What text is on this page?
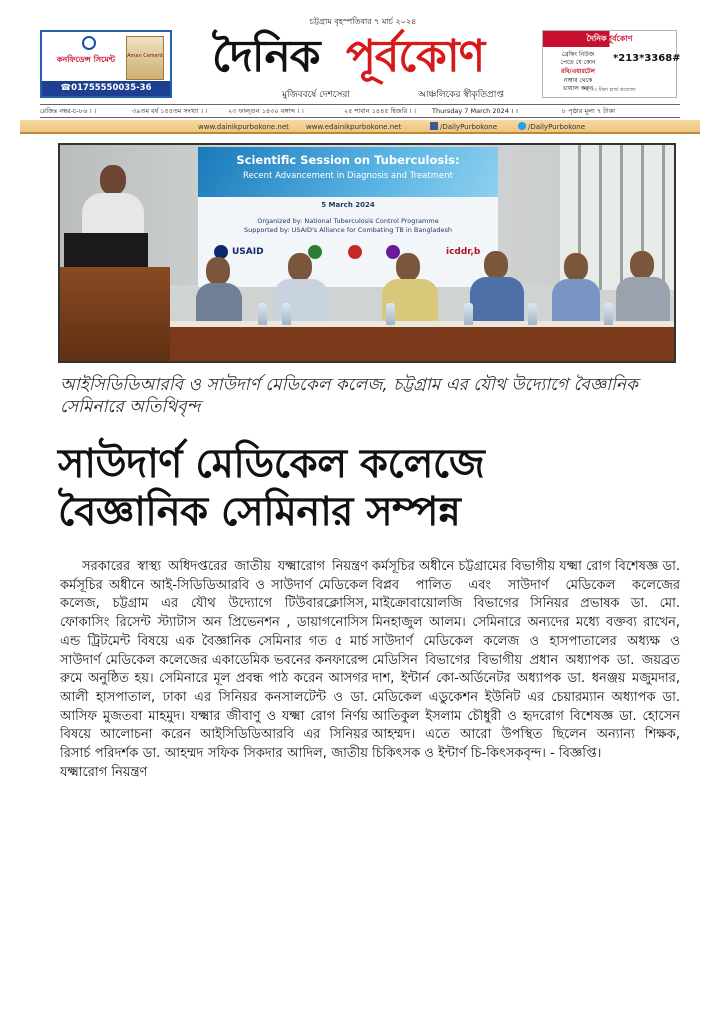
কনফিডেন্স সিমেন্ট	Aman Cement
☎01755550035-36
চট্টগ্রাম বৃহস্পতিবার ৭ মার্চ ২০২৪
দৈনিক পূর্বকোণ
মুজিববর্ষে দেশসেরা	আঞ্চলিকের স্বীকৃতিপ্রাপ্ত
দৈনিকপূর্বকোণ
ব্রেকিং নিউজ
পেতে যে কোন
রবি/এয়ারটেল
নাম্বার থেকে
ডায়াল করুন
*213*3368#
*২.৩৩ টাকা চার্জ প্রযোজ্য
রেজিঃ নম্বর-চ-৮৬ । ।	৩৯তম বর্ষ ১৫৫তম সংখ্যা । ।	২৩ ফাল্গুন ১৪৩০ বঙ্গাব্দ । ।	২৫ শাবান ১৪৪৫ হিজরি । । Thursday 7 March 2024 । ।	৮ পৃষ্ঠার মূল্য ৭ টাকা
www.dainikpurbokone.net www.edainikpurbokone.net	/DailyPurbokone	/DailyPurbokone
Scientific Session on Tuberculosis:
Recent Advancement in Diagnosis and Treatment
5 March 2024
Organized by: National Tuberculosis Control Programme
Supported by: USAID's Alliance for Combating TB in Bangladesh
USAID	icddr,b
আইসিডিডিআরবি ও সাউদার্ণ মেডিকেল কলেজ, চট্টগ্রাম এর যৌথ উদ্যোগে বৈজ্ঞানিক সেমিনারে অতিথিবৃন্দ
সাউদার্ণ মেডিকেল কলেজে
বৈজ্ঞানিক সেমিনার সম্পন্ন

সরকারের স্বাস্থ্য অধিদপ্তরের জাতীয় যক্ষ্মারোগ নিয়ন্ত্রণ কর্মসূচির অধীনে আই-সিডিডিআরবি ও সাউদার্ণ মেডিকেল কলেজ, চট্টগ্রাম এর যৌথ উদ্যোগে টিউবারক্লোসিস, ফোকাসিং রিসেন্ট স্ট্যাটাস অন প্রিভেনশন , ডায়াগনোসিস এন্ড ট্রিটমেন্ট বিষয়ে এক বৈজ্ঞানিক সেমিনার গত ৫ মার্চ সাউদার্ণ মেডিকেল কলেজের একাডেমিক ভবনের কনফারেন্স রুমে অনুষ্ঠিত হয়। সেমিনারে মূল প্রবন্ধ পাঠ করেন আসগর আলী হাসপাতাল, ঢাকা এর সিনিয়র কনসালটেন্ট ও ডা. আসিফ মুজতবা মাহমুদ। যক্ষ্মার জীবাণু ও যক্ষ্মা রোগ নির্ণয় বিষয়ে আলোচনা করেন আইসিডিডিআরবি এর সিনিয়র রিসার্চ পরিদর্শক ডা. আহম্মদ সফিক সিকদার আদিল, জাতীয় যক্ষ্মারোগ নিয়ন্ত্রণ

কর্মসূচির অধীনে চট্টগ্রামের বিভাগীয় যক্ষ্মা রোগ বিশেষজ্ঞ ডা. বিপ্লব পালিত এবং সাউদার্ণ মেডিকেল কলেজের মাইক্রোবায়োলজি বিভাগের সিনিয়র প্রভাষক ডা. মো. মিনহাজুল আলম। সেমিনারে অন্যদের মধ্যে বক্তব্য রাখেন, সাউদার্ণ মেডিকেল কলেজ ও হাসপাতালের অধ্যক্ষ ও মেডিসিন বিভাগের বিভাগীয় প্রধান অধ্যাপক ডা. জয়ব্রত দাশ, ইন্টার্ন কো-অর্ডিনেটর অধ্যাপক ডা. ধনঞ্জয় মজুমদার, মেডিকেল এডুকেশন ইউনিট এর চেয়ারম্যান অধ্যাপক ডা. আতিকুল ইসলাম চৌধুরী ও হৃদরোগ বিশেষজ্ঞ ডা. হোসেন আহম্মদ। এতে আরো উপস্থিত ছিলেন অন্যান্য শিক্ষক, চিকিৎসক ও ইন্টার্ণ চি-কিৎসকবৃন্দ। - বিজ্ঞপ্তি।
